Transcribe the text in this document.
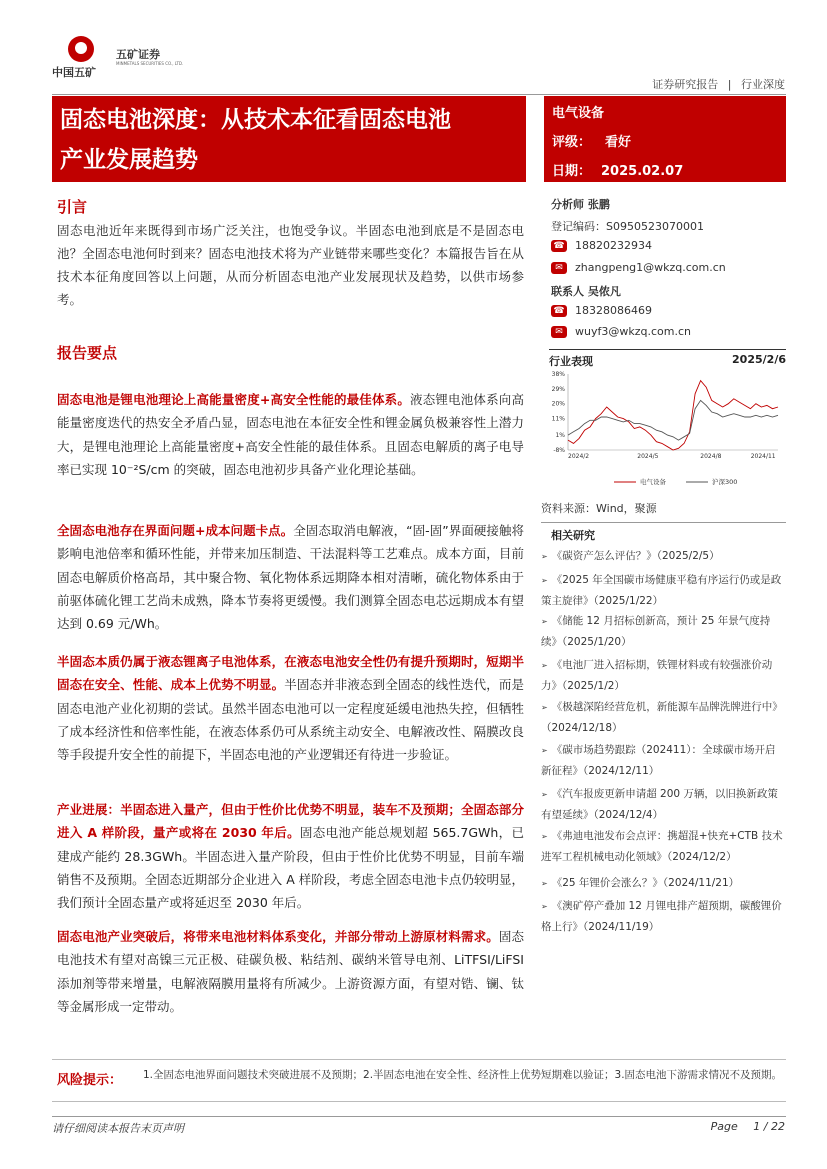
中国五矿
五矿证券
MINMETALS SECURITIES CO., LTD.
证券研究报告 | 行业深度
固态电池深度：从技术本征看固态电池
产业发展趋势
电气设备
评级： 看好
日期： 2025.02.07
引言
固态电池近年来既得到市场广泛关注，也饱受争议。半固态电池到底是不是固态电池？全固态电池何时到来？固态电池技术将为产业链带来哪些变化？本篇报告旨在从技术本征角度回答以上问题，从而分析固态电池产业发展现状及趋势，以供市场参考。
报告要点
固态电池是锂电池理论上高能量密度+高安全性能的最佳体系。液态锂电池体系向高能量密度迭代的热安全矛盾凸显，固态电池在本征安全性和锂金属负极兼容性上潜力大，是锂电池理论上高能量密度+高安全性能的最佳体系。且固态电解质的离子电导率已实现 10⁻²S/cm 的突破，固态电池初步具备产业化理论基础。
全固态电池存在界面问题+成本问题卡点。全固态取消电解液，“固-固”界面硬接触将影响电池倍率和循环性能，并带来加压制造、干法混料等工艺难点。成本方面，目前固态电解质价格高昂，其中聚合物、氧化物体系远期降本相对清晰，硫化物体系由于前驱体硫化锂工艺尚未成熟，降本节奏将更缓慢。我们测算全固态电芯远期成本有望达到 0.69 元/Wh。
半固态本质仍属于液态锂离子电池体系，在液态电池安全性仍有提升预期时，短期半固态在安全、性能、成本上优势不明显。半固态并非液态到全固态的线性迭代，而是固态电池产业化初期的尝试。虽然半固态电池可以一定程度延缓电池热失控，但牺牲了成本经济性和倍率性能，在液态体系仍可从系统主动安全、电解液改性、隔膜改良等手段提升安全性的前提下，半固态电池的产业逻辑还有待进一步验证。
产业进展：半固态进入量产，但由于性价比优势不明显，装车不及预期；全固态部分进入 A 样阶段，量产或将在 2030 年后。固态电池产能总规划超 565.7GWh，已建成产能约 28.3GWh。半固态进入量产阶段，但由于性价比优势不明显，目前车端销售不及预期。全固态近期部分企业进入 A 样阶段，考虑全固态电池卡点仍较明显，我们预计全固态量产或将延迟至 2030 年后。
固态电池产业突破后，将带来电池材料体系变化，并部分带动上游原材料需求。固态电池技术有望对高镍三元正极、硅碳负极、粘结剂、碳纳米管导电剂、LiTFSI/LiFSI 添加剂等带来增量，电解液隔膜用量将有所减少。上游资源方面，有望对锆、镧、钛等金属形成一定带动。
分析师 张鹏
登记编码：S0950523070001
☎ 18820232934
✉ zhangpeng1@wkzq.com.cn
联系人 吴侬凡
☎ 18328086469
✉ wuyf3@wkzq.com.cn
行业表现	2025/2/6
38%
29%
20%
11%
1%
-8%
2024/2	2024/5	2024/8	2024/11
电气设备	沪深300
资料来源：Wind，聚源
相关研究
➢ 《碳资产怎么评估？》（2025/2/5）
➢ 《2025 年全国碳市场健康平稳有序运行仍或是政策主旋律》（2025/1/22）
➢ 《储能 12 月招标创新高，预计 25 年景气度持续》（2025/1/20）
➢ 《电池厂进入招标期，铁锂材料或有较强涨价动力》（2025/1/2）
➢ 《极越深陷经营危机，新能源车品牌洗牌进行中》（2024/12/18）
➢ 《碳市场趋势跟踪（202411）：全球碳市场开启新征程》（2024/12/11）
➢ 《汽车报废更新申请超 200 万辆，以旧换新政策有望延续》（2024/12/4）
➢ 《弗迪电池发布会点评：携超混+快充+CTB 技术进军工程机械电动化领域》（2024/12/2）
➢ 《25 年锂价会涨么？》（2024/11/21）
➢ 《澳矿停产叠加 12 月锂电排产超预期，碳酸锂价格上行》（2024/11/19）
风险提示： 1.全固态电池界面问题技术突破进展不及预期；2.半固态电池在安全性、经济性上优势短期难以验证；3.固态电池下游需求情况不及预期。
请仔细阅读本报告末页声明	Page 1 / 22
